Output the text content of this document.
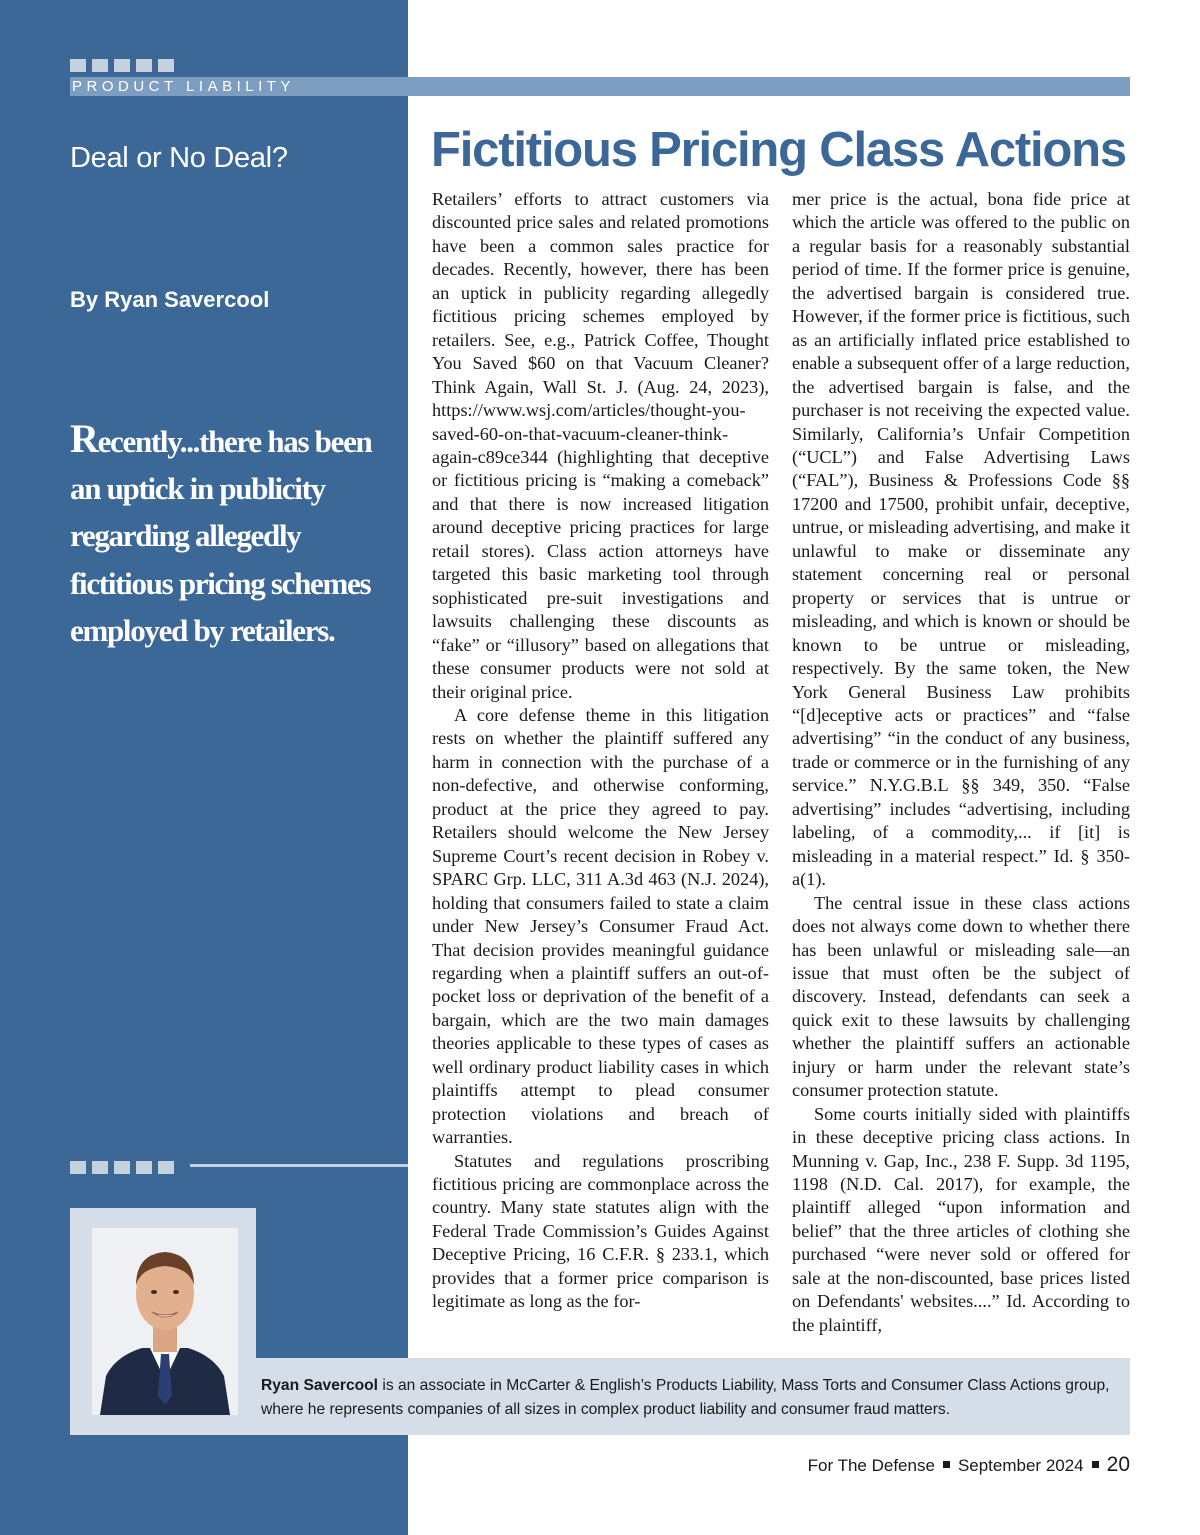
PRODUCT LIABILITY
Deal or No Deal?
By Ryan Savercool
Recently...there has been an uptick in publicity regarding allegedly fictitious pricing schemes employed by retailers.
Fictitious Pricing Class Actions

Retailers’ efforts to attract customers via discounted price sales and related promotions have been a common sales practice for decades. Recently, however, there has been an uptick in publicity regarding allegedly fictitious pricing schemes employed by retailers. See, e.g., Patrick Coffee, Thought You Saved $60 on that Vacuum Cleaner? Think Again, Wall St. J. (Aug. 24, 2023), https://www.wsj.com/articles/thought-you-saved-60-on-that-vacuum-cleaner-think-again-c89ce344 (highlighting that deceptive or fictitious pricing is “making a comeback” and that there is now increased litigation around deceptive pricing practices for large retail stores). Class action attorneys have targeted this basic marketing tool through sophisticated pre-suit investigations and lawsuits challenging these discounts as “fake” or “illusory” based on allegations that these consumer products were not sold at their original price.

A core defense theme in this litigation rests on whether the plaintiff suffered any harm in connection with the purchase of a non-defective, and otherwise conforming, product at the price they agreed to pay. Retailers should welcome the New Jersey Supreme Court’s recent decision in Robey v. SPARC Grp. LLC, 311 A.3d 463 (N.J. 2024), holding that consumers failed to state a claim under New Jersey’s Consumer Fraud Act. That decision provides meaningful guidance regarding when a plaintiff suffers an out-of-pocket loss or deprivation of the benefit of a bargain, which are the two main damages theories applicable to these types of cases as well ordinary product liability cases in which plaintiffs attempt to plead consumer protection violations and breach of warranties.

Statutes and regulations proscribing fictitious pricing are commonplace across the country. Many state statutes align with the Federal Trade Commission’s Guides Against Deceptive Pricing, 16 C.F.R. § 233.1, which provides that a former price comparison is legitimate as long as the for-

mer price is the actual, bona fide price at which the article was offered to the public on a regular basis for a reasonably substantial period of time. If the former price is genuine, the advertised bargain is considered true. However, if the former price is fictitious, such as an artificially inflated price established to enable a subsequent offer of a large reduction, the advertised bargain is false, and the purchaser is not receiving the expected value. Similarly, California’s Unfair Competition (“UCL”) and False Advertising Laws (“FAL”), Business & Professions Code §§ 17200 and 17500, prohibit unfair, deceptive, untrue, or misleading advertising, and make it unlawful to make or disseminate any statement concerning real or personal property or services that is untrue or misleading, and which is known or should be known to be untrue or misleading, respectively. By the same token, the New York General Business Law prohibits “[d]eceptive acts or practices” and “false advertising” “in the conduct of any business, trade or commerce or in the furnishing of any service.” N.Y.G.B.L §§ 349, 350. “False advertising” includes “advertising, including labeling, of a commodity,... if [it] is misleading in a material respect.” Id. § 350-a(1).

The central issue in these class actions does not always come down to whether there has been unlawful or misleading sale—an issue that must often be the subject of discovery. Instead, defendants can seek a quick exit to these lawsuits by challenging whether the plaintiff suffers an actionable injury or harm under the relevant state’s consumer protection statute.

Some courts initially sided with plaintiffs in these deceptive pricing class actions. In Munning v. Gap, Inc., 238 F. Supp. 3d 1195, 1198 (N.D. Cal. 2017), for example, the plaintiff alleged “upon information and belief” that the three articles of clothing she purchased “were never sold or offered for sale at the non-discounted, base prices listed on Defendants' websites....” Id. According to the plaintiff,

Ryan Savercool is an associate in McCarter & English’s Products Liability, Mass Torts and Consumer Class Actions group, where he represents companies of all sizes in complex product liability and consumer fraud matters.
For The Defense September 2024 20
